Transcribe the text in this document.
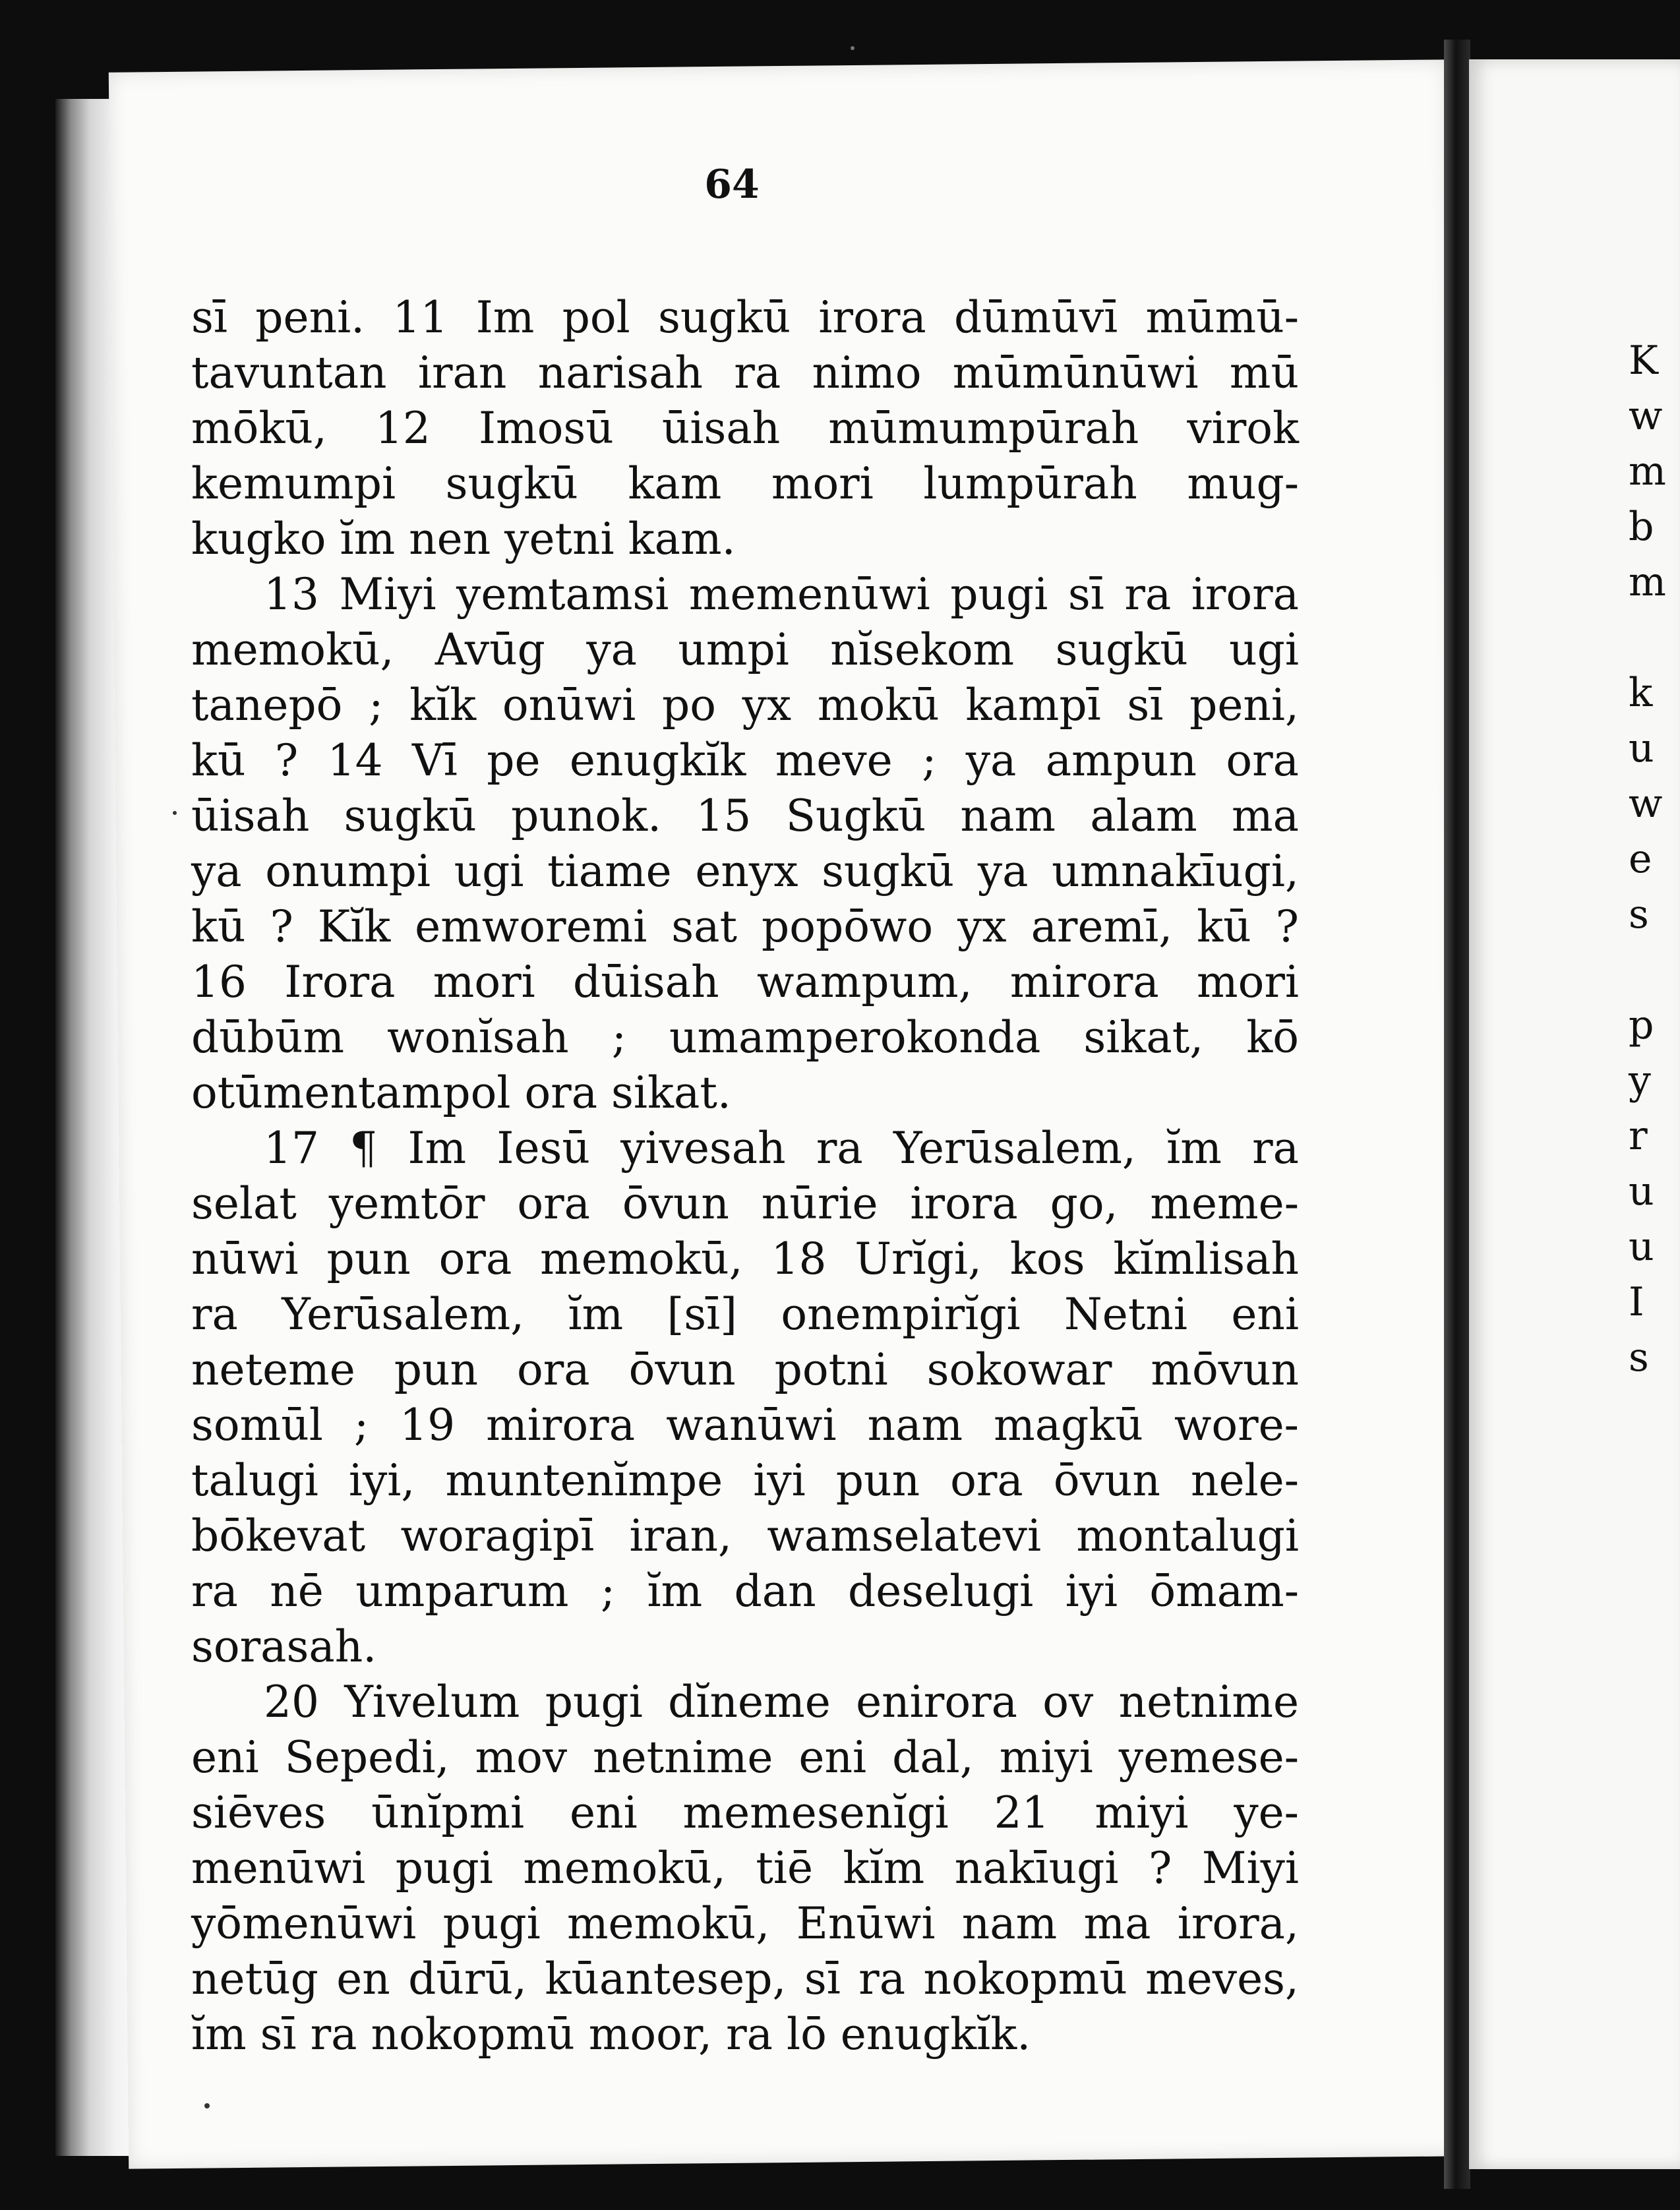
64
sī peni. 11 Im pol sugkū irora dūmūvī mūmū-
tavuntan iran narisah ra nimo mūmūnūwi mū
mōkū, 12 Imosū ūisah mūmumpūrah virok
kemumpi sugkū kam mori lumpūrah mug-
kugko ĭm nen yetni kam.
13 Miyi yemtamsi memenūwi pugi sī ra irora
memokū, Avūg ya umpi nĭsekom sugkū ugi
tanepō ; kĭk onūwi po yx mokū kampī sī peni,
kū ? 14 Vī pe enugkĭk meve ; ya ampun ora
ūisah sugkū punok. 15 Sugkū nam alam ma
ya onumpi ugi tiame enyx sugkū ya umnakīugi,
kū ? Kĭk emworemi sat popōwo yx aremī, kū ?
16 Irora mori dūisah wampum, mirora mori
dūbūm wonĭsah ; umamperokonda sikat, kō
otūmentampol ora sikat.
17 ¶ Im Iesū yivesah ra Yerūsalem, ĭm ra
selat yemtōr ora ōvun nūrie irora go, meme-
nūwi pun ora memokū, 18 Urĭgi, kos kĭmlisah
ra Yerūsalem, ĭm [sī] onempirĭgi Netni eni
neteme pun ora ōvun potni sokowar mōvun
somūl ; 19 mirora wanūwi nam magkū wore-
talugi iyi, muntenĭmpe iyi pun ora ōvun nele-
bōkevat woragipī iran, wamselatevi montalugi
ra nē umparum ; ĭm dan deselugi iyi ōmam-
sorasah.
20 Yivelum pugi dĭneme enirora ov netnime
eni Sepedi, mov netnime eni dal, miyi yemese-
siēves ūnĭpmi eni memesenĭgi 21 miyi ye-
menūwi pugi memokū, tiē kĭm nakīugi ? Miyi
yōmenūwi pugi memokū, Enūwi nam ma irora,
netūg en dūrū, kūantesep, sī ra nokopmū meves,
ĭm sī ra nokopmū moor, ra lō enugkĭk.
K
w
m
b
m
k
u
w
e
s
p
y
r
u
u
I
s
